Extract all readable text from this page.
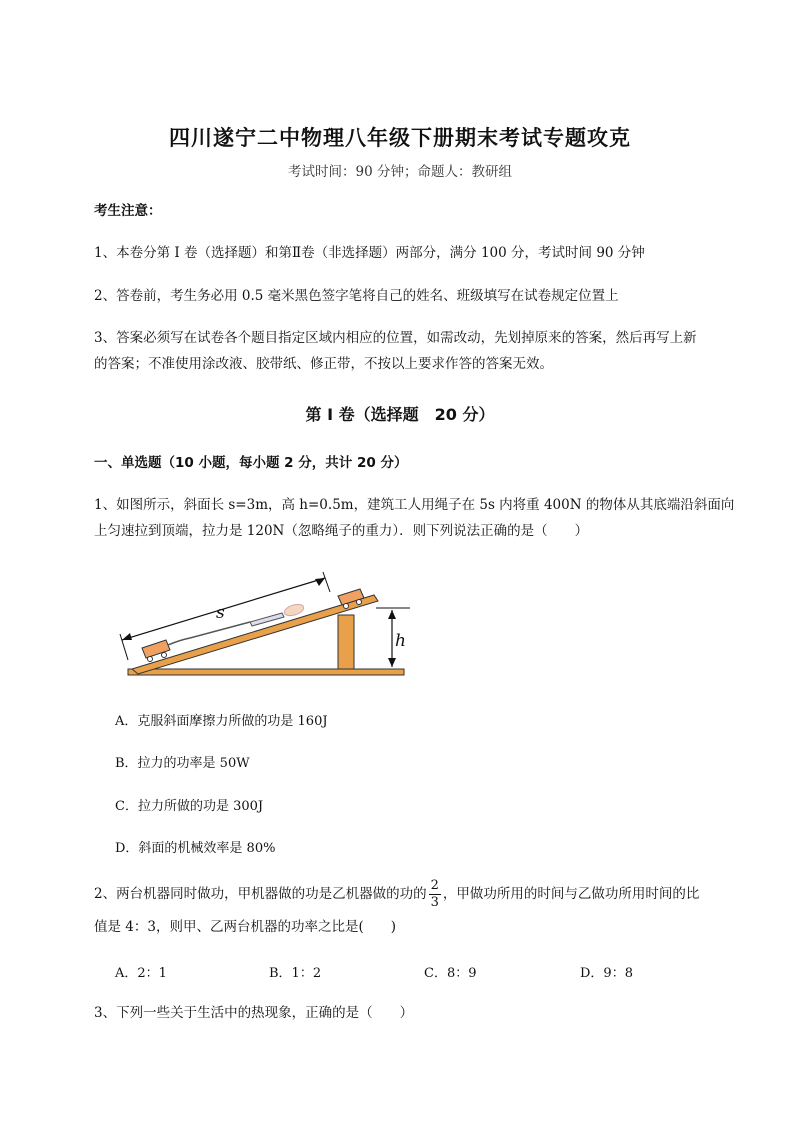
四川遂宁二中物理八年级下册期末考试专题攻克
考试时间：90 分钟；命题人：教研组
考生注意：
1、本卷分第 I 卷（选择题）和第Ⅱ卷（非选择题）两部分，满分 100 分，考试时间 90 分钟
2、答卷前，考生务必用 0.5 毫米黑色签字笔将自己的姓名、班级填写在试卷规定位置上
3、答案必须写在试卷各个题目指定区域内相应的位置，如需改动，先划掉原来的答案，然后再写上新
的答案；不准使用涂改液、胶带纸、修正带，不按以上要求作答的答案无效。
第 I 卷（选择题　20 分）
一、单选题（10 小题，每小题 2 分，共计 20 分）
1、如图所示，斜面长 s=3m，高 h=0.5m，建筑工人用绳子在 5s 内将重 400N 的物体从其底端沿斜面向
上匀速拉到顶端，拉力是 120N（忽略绳子的重力）．则下列说法正确的是（　　）
s
h
A．克服斜面摩擦力所做的功是 160J
B．拉力的功率是 50W
C．拉力所做的功是 300J
D．斜面的机械效率是 80%
2、两台机器同时做功，甲机器做的功是乙机器做的功的 $\frac{2}{3}$ ，甲做功所用的时间与乙做功所用时间的比
值是 4：3，则甲、乙两台机器的功率之比是(　　)
A．2：1	B．1：2	C．8：9	D．9：8
3、下列一些关于生活中的热现象，正确的是（　　）
